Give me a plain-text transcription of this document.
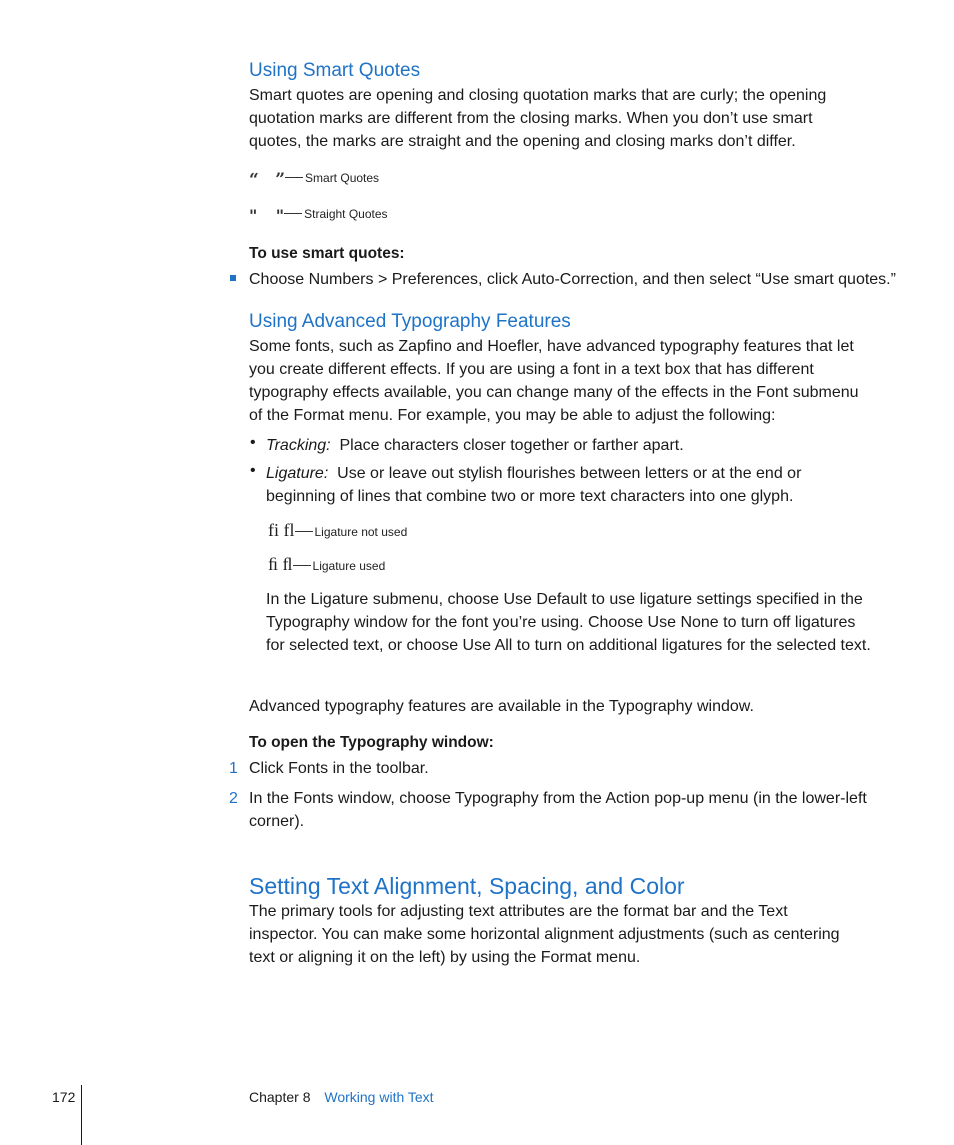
Using Smart Quotes
Smart quotes are opening and closing quotation marks that are curly; the opening quotation marks are different from the closing marks. When you don’t use smart quotes, the marks are straight and the opening and closing marks don’t differ.
“ ” Smart Quotes
" " Straight Quotes
To use smart quotes:
Choose Numbers > Preferences, click Auto-Correction, and then select “Use smart quotes.”
Using Advanced Typography Features
Some fonts, such as Zapfino and Hoefler, have advanced typography features that let you create different effects. If you are using a font in a text box that has different typography effects available, you can change many of the effects in the Font submenu of the Format menu. For example, you may be able to adjust the following:
• Tracking: Place characters closer together or farther apart.
• Ligature: Use or leave out stylish flourishes between letters or at the end or beginning of lines that combine two or more text characters into one glyph.
fi fl Ligature not used
ﬁ ﬂ Ligature used
In the Ligature submenu, choose Use Default to use ligature settings specified in the Typography window for the font you’re using. Choose Use None to turn off ligatures for selected text, or choose Use All to turn on additional ligatures for the selected text.
Advanced typography features are available in the Typography window.
To open the Typography window:
1 Click Fonts in the toolbar.
2 In the Fonts window, choose Typography from the Action pop-up menu (in the lower-left corner).
Setting Text Alignment, Spacing, and Color
The primary tools for adjusting text attributes are the format bar and the Text inspector. You can make some horizontal alignment adjustments (such as centering text or aligning it on the left) by using the Format menu.
172	Chapter 8 Working with Text
